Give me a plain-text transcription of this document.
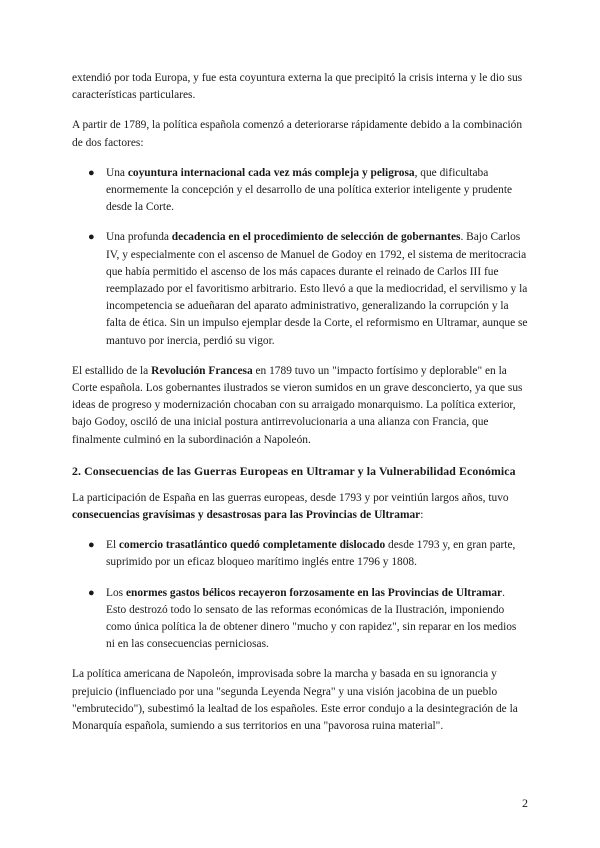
extendió por toda Europa, y fue esta coyuntura externa la que precipitó la crisis interna y le dio sus características particulares.

A partir de 1789, la política española comenzó a deteriorarse rápidamente debido a la combinación de dos factores:

● Una coyuntura internacional cada vez más compleja y peligrosa, que dificultaba enormemente la concepción y el desarrollo de una política exterior inteligente y prudente desde la Corte.
● Una profunda decadencia en el procedimiento de selección de gobernantes. Bajo Carlos IV, y especialmente con el ascenso de Manuel de Godoy en 1792, el sistema de meritocracia que había permitido el ascenso de los más capaces durante el reinado de Carlos III fue reemplazado por el favoritismo arbitrario. Esto llevó a que la mediocridad, el servilismo y la incompetencia se adueñaran del aparato administrativo, generalizando la corrupción y la falta de ética. Sin un impulso ejemplar desde la Corte, el reformismo en Ultramar, aunque se mantuvo por inercia, perdió su vigor.

El estallido de la Revolución Francesa en 1789 tuvo un "impacto fortísimo y deplorable" en la Corte española. Los gobernantes ilustrados se vieron sumidos en un grave desconcierto, ya que sus ideas de progreso y modernización chocaban con su arraigado monarquismo. La política exterior, bajo Godoy, osciló de una inicial postura antirrevolucionaria a una alianza con Francia, que finalmente culminó en la subordinación a Napoleón.

2. Consecuencias de las Guerras Europeas en Ultramar y la Vulnerabilidad Económica

La participación de España en las guerras europeas, desde 1793 y por veintiún largos años, tuvo consecuencias gravísimas y desastrosas para las Provincias de Ultramar:

● El comercio trasatlántico quedó completamente dislocado desde 1793 y, en gran parte, suprimido por un eficaz bloqueo marítimo inglés entre 1796 y 1808.
● Los enormes gastos bélicos recayeron forzosamente en las Provincias de Ultramar. Esto destrozó todo lo sensato de las reformas económicas de la Ilustración, imponiendo como única política la de obtener dinero "mucho y con rapidez", sin reparar en los medios ni en las consecuencias perniciosas.

La política americana de Napoleón, improvisada sobre la marcha y basada en su ignorancia y prejuicio (influenciado por una "segunda Leyenda Negra" y una visión jacobina de un pueblo "embrutecido"), subestimó la lealtad de los españoles. Este error condujo a la desintegración de la Monarquía española, sumiendo a sus territorios en una "pavorosa ruina material".

2
